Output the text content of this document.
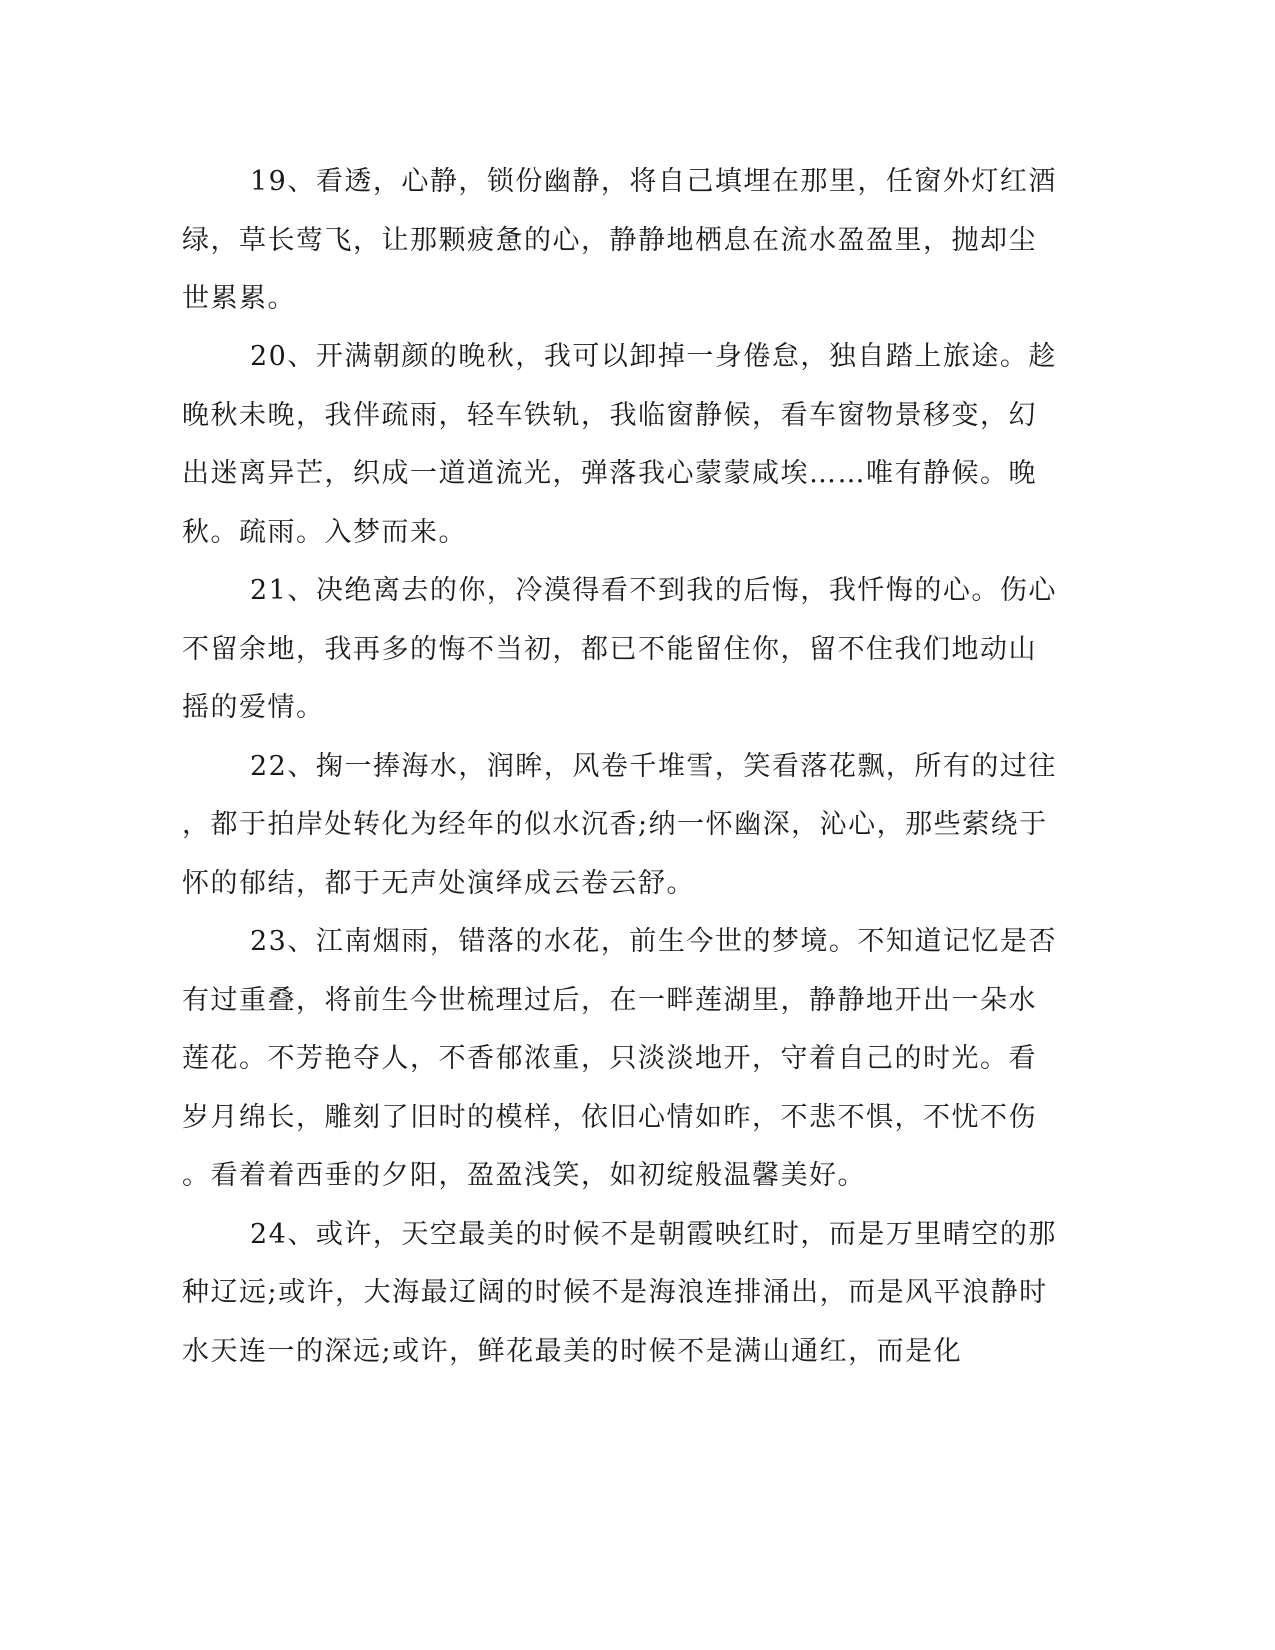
19、看透，心静，锁份幽静，将自己填埋在那里，任窗外灯红酒
绿，草长莺飞，让那颗疲惫的心，静静地栖息在流水盈盈里，抛却尘
世累累。
20、开满朝颜的晚秋，我可以卸掉一身倦怠，独自踏上旅途。趁
晚秋未晚，我伴疏雨，轻车铁轨，我临窗静候，看车窗物景移变，幻
出迷离异芒，织成一道道流光，弹落我心蒙蒙咸埃……唯有静候。晚
秋。疏雨。入梦而来。
21、决绝离去的你，冷漠得看不到我的后悔，我忏悔的心。伤心
不留余地，我再多的悔不当初，都已不能留住你，留不住我们地动山
摇的爱情。
22、掬一捧海水，润眸，风卷千堆雪，笑看落花飘，所有的过往
，都于拍岸处转化为经年的似水沉香;纳一怀幽深，沁心，那些萦绕于
怀的郁结，都于无声处演绎成云卷云舒。
23、江南烟雨，错落的水花，前生今世的梦境。不知道记忆是否
有过重叠，将前生今世梳理过后，在一畔莲湖里，静静地开出一朵水
莲花。不芳艳夺人，不香郁浓重，只淡淡地开，守着自己的时光。看
岁月绵长，雕刻了旧时的模样，依旧心情如昨，不悲不惧，不忧不伤
。看着着西垂的夕阳，盈盈浅笑，如初绽般温馨美好。
24、或许，天空最美的时候不是朝霞映红时，而是万里晴空的那
种辽远;或许，大海最辽阔的时候不是海浪连排涌出，而是风平浪静时
水天连一的深远;或许，鲜花最美的时候不是满山通红，而是化
